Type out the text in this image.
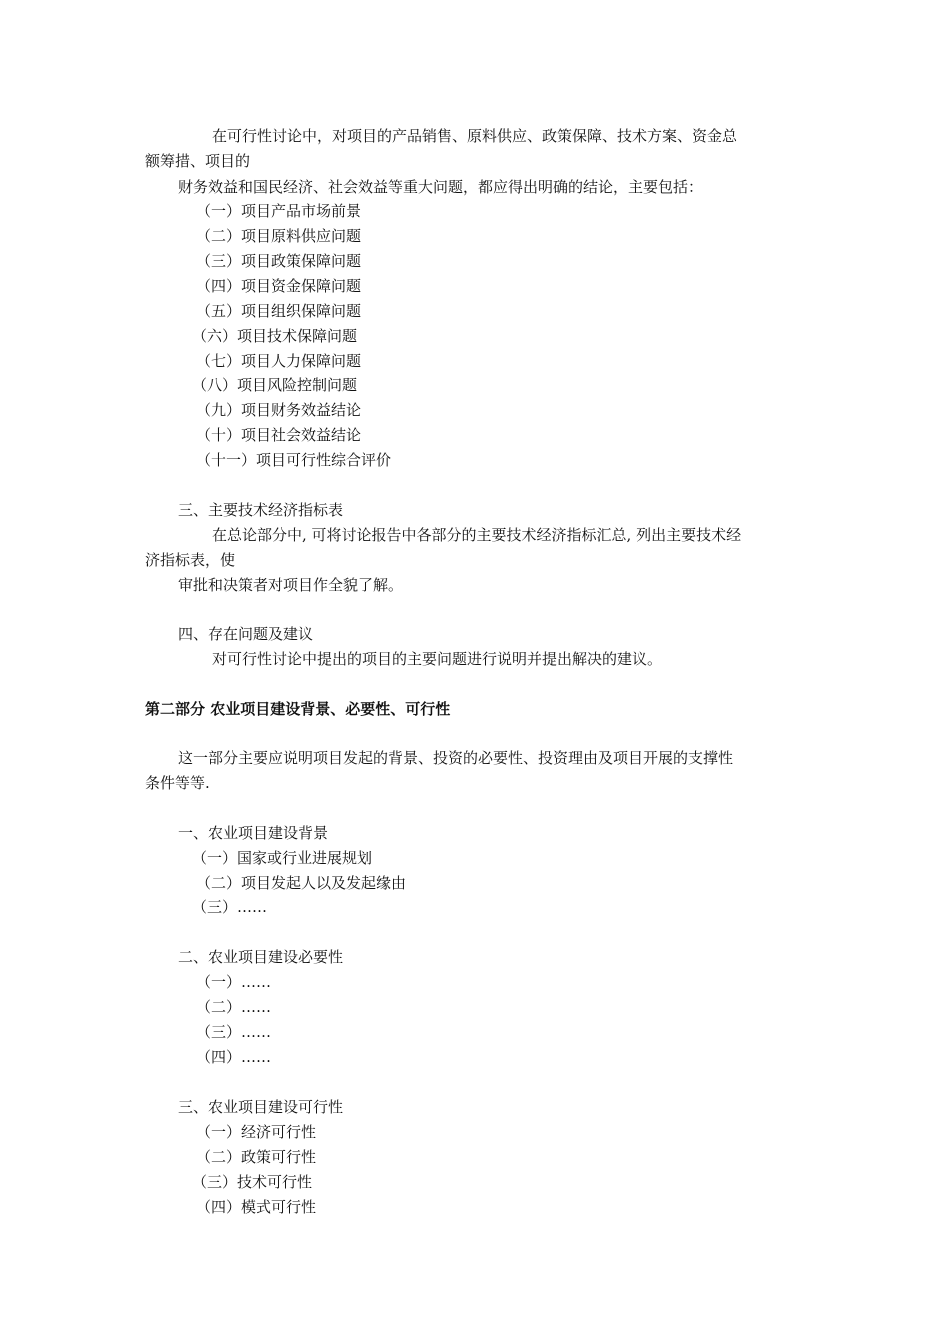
在可行性讨论中，对项目的产品销售、原料供应、政策保障、技术方案、资金总
额筹措、项目的
财务效益和国民经济、社会效益等重大问题，都应得出明确的结论，主要包括：
（一）项目产品市场前景
（二）项目原料供应问题
（三）项目政策保障问题
（四）项目资金保障问题
（五）项目组织保障问题
（六）项目技术保障问题
（七）项目人力保障问题
（八）项目风险控制问题
（九）项目财务效益结论
（十）项目社会效益结论
（十一）项目可行性综合评价
三、主要技术经济指标表
在总论部分中, 可将讨论报告中各部分的主要技术经济指标汇总, 列出主要技术经
济指标表，使
审批和决策者对项目作全貌了解。
四、存在问题及建议
对可行性讨论中提出的项目的主要问题进行说明并提出解决的建议。
第二部分 农业项目建设背景、必要性、可行性
这一部分主要应说明项目发起的背景、投资的必要性、投资理由及项目开展的支撑性
条件等等.
一、农业项目建设背景
（一）国家或行业进展规划
（二）项目发起人以及发起缘由
（三）……
二、农业项目建设必要性
（一）……
（二）……
（三）……
（四）……
三、农业项目建设可行性
（一）经济可行性
（二）政策可行性
（三）技术可行性
（四）模式可行性
